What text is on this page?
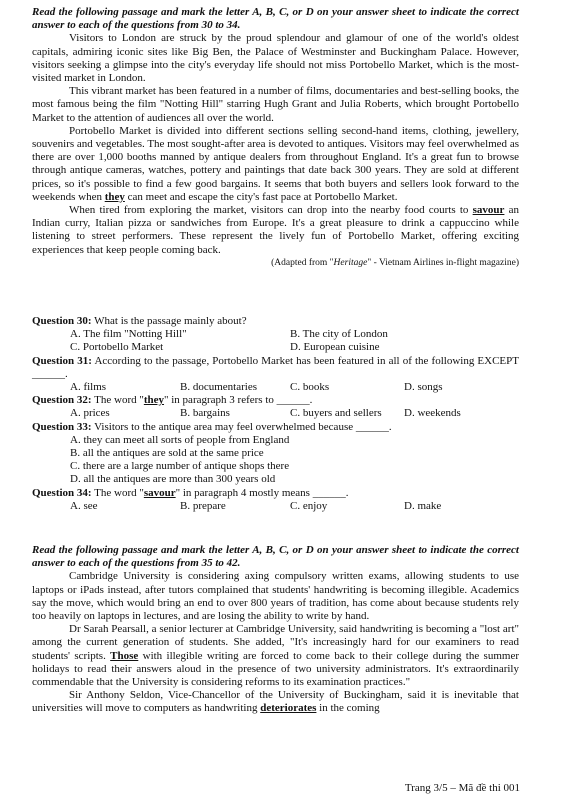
Read the following passage and mark the letter A, B, C, or D on your answer sheet to indicate the correct answer to each of the questions from 30 to 34.

Visitors to London are struck by the proud splendour and glamour of one of the world's oldest capitals, admiring iconic sites like Big Ben, the Palace of Westminster and Buckingham Palace. However, visitors seeking a glimpse into the city's everyday life should not miss Portobello Market, which is the most-visited market in London.

This vibrant market has been featured in a number of films, documentaries and best-selling books, the most famous being the film "Notting Hill" starring Hugh Grant and Julia Roberts, which brought Portobello Market to the attention of audiences all over the world.

Portobello Market is divided into different sections selling second-hand items, clothing, jewellery, souvenirs and vegetables. The most sought-after area is devoted to antiques. Visitors may feel overwhelmed as there are over 1,000 booths manned by antique dealers from throughout England. It's a great fun to browse through antique cameras, watches, pottery and paintings that date back 300 years. They are sold at different prices, so it's possible to find a few good bargains. It seems that both buyers and sellers look forward to the weekends when they can meet and escape the city's fast pace at Portobello Market.

When tired from exploring the market, visitors can drop into the nearby food courts to savour an Indian curry, Italian pizza or sandwiches from Europe. It's a great pleasure to drink a cappuccino while listening to street performers. These represent the lively fun of Portobello Market, offering exciting experiences that keep people coming back.

(Adapted from "Heritage" - Vietnam Airlines in-flight magazine)

Question 30: What is the passage mainly about?

A. The film "Notting Hill"	B. The city of London
C. Portobello Market	D. European cuisine

Question 31: According to the passage, Portobello Market has been featured in all of the following EXCEPT ______.

A. films	B. documentaries	C. books	D. songs

Question 32: The word "they" in paragraph 3 refers to ______.

A. prices	B. bargains	C. buyers and sellers D. weekends

Question 33: Visitors to the antique area may feel overwhelmed because ______.

A. they can meet all sorts of people from England

B. all the antiques are sold at the same price

C. there are a large number of antique shops there

D. all the antiques are more than 300 years old

Question 34: The word "savour" in paragraph 4 mostly means ______.

A. see	B. prepare	C. enjoy	D. make

Read the following passage and mark the letter A, B, C, or D on your answer sheet to indicate the correct answer to each of the questions from 35 to 42.

Cambridge University is considering axing compulsory written exams, allowing students to use laptops or iPads instead, after tutors complained that students' handwriting is becoming illegible. Academics say the move, which would bring an end to over 800 years of tradition, has come about because students rely too heavily on laptops in lectures, and are losing the ability to write by hand.

Dr Sarah Pearsall, a senior lecturer at Cambridge University, said handwriting is becoming a "lost art" among the current generation of students. She added, "It's increasingly hard for our examiners to read students' scripts. Those with illegible writing are forced to come back to their college during the summer holidays to read their answers aloud in the presence of two university administrators. It's extraordinarily commendable that the University is considering reforms to its examination practices."

Sir Anthony Seldon, Vice-Chancellor of the University of Buckingham, said it is inevitable that universities will move to computers as handwriting deteriorates in the coming

Trang 3/5 – Mã đề thi 001
